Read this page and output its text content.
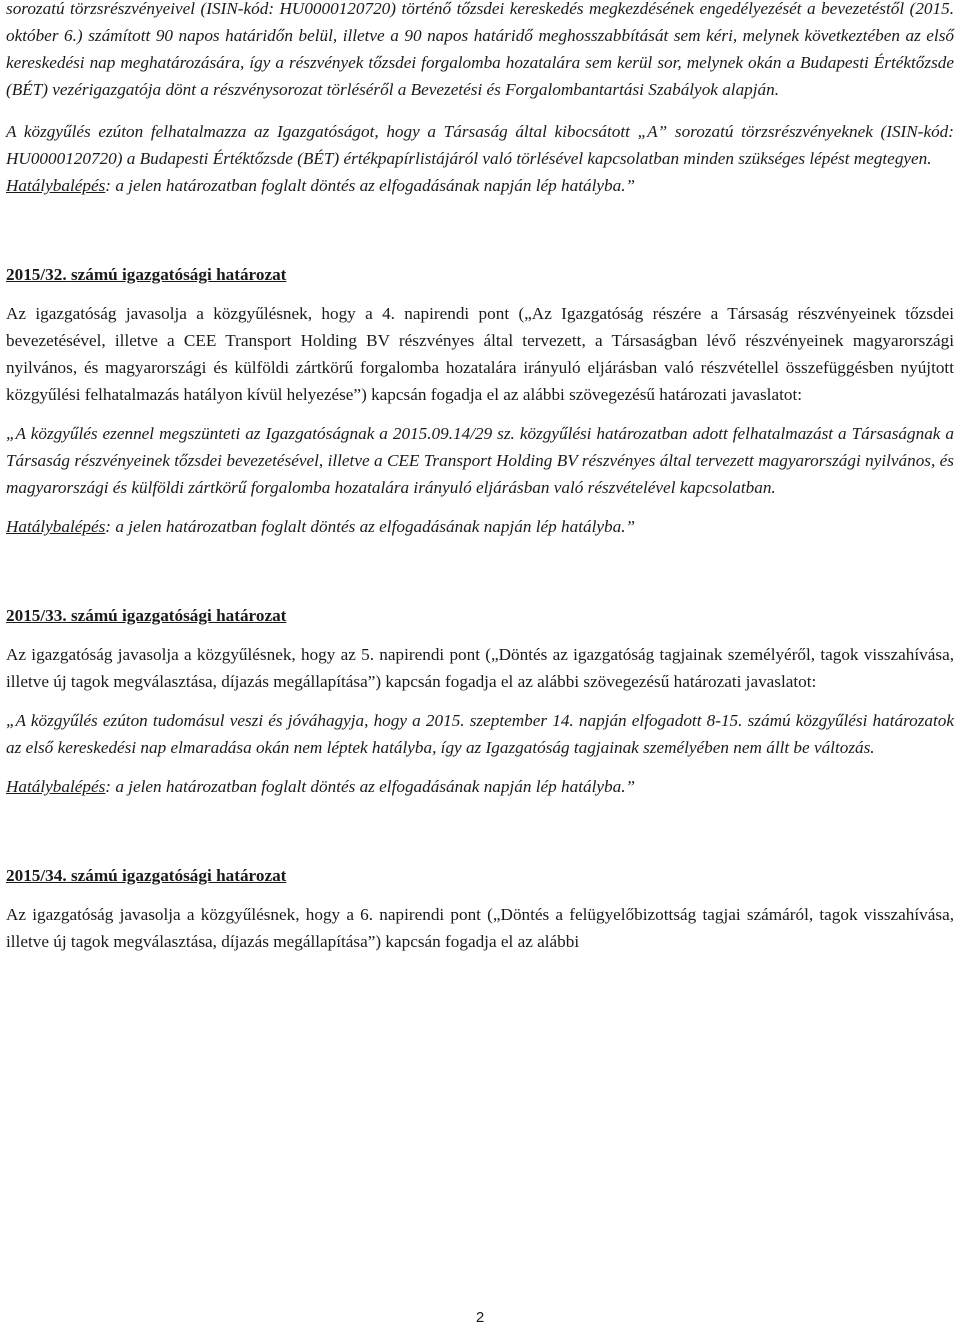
sorozatú törzsrészvényeivel (ISIN-kód: HU0000120720) történő tőzsdei kereskedés megkezdésének engedélyezését a bevezetéstől (2015. október 6.) számított 90 napos határidőn belül, illetve a 90 napos határidő meghosszabbítását sem kéri, melynek következtében az első kereskedési nap meghatározására, így a részvények tőzsdei forgalomba hozatalára sem kerül sor, melynek okán a Budapesti Értéktőzsde (BÉT) vezérigazgatója dönt a részvénysorozat törléséről a Bevezetési és Forgalombantartási Szabályok alapján.

A közgyűlés ezúton felhatalmazza az Igazgatóságot, hogy a Társaság által kibocsátott „A” sorozatú törzsrészvényeknek (ISIN-kód: HU0000120720) a Budapesti Értéktőzsde (BÉT) értékpapírlistájáról való törlésével kapcsolatban minden szükséges lépést megtegyen.

Hatálybalépés: a jelen határozatban foglalt döntés az elfogadásának napján lép hatályba.”

2015/32. számú igazgatósági határozat

Az igazgatóság javasolja a közgyűlésnek, hogy a 4. napirendi pont („Az Igazgatóság részére a Társaság részvényeinek tőzsdei bevezetésével, illetve a CEE Transport Holding BV részvényes által tervezett, a Társaságban lévő részvényeinek magyarországi nyilvános, és magyarországi és külföldi zártkörű forgalomba hozatalára irányuló eljárásban való részvétellel összefüggésben nyújtott közgyűlési felhatalmazás hatályon kívül helyezése”) kapcsán fogadja el az alábbi szövegezésű határozati javaslatot:

„A közgyűlés ezennel megszünteti az Igazgatóságnak a 2015.09.14/29 sz. közgyűlési határozatban adott felhatalmazást a Társaságnak a Társaság részvényeinek tőzsdei bevezetésével, illetve a CEE Transport Holding BV részvényes által tervezett magyarországi nyilvános, és magyarországi és külföldi zártkörű forgalomba hozatalára irányuló eljárásban való részvételével kapcsolatban.

Hatálybalépés: a jelen határozatban foglalt döntés az elfogadásának napján lép hatályba.”

2015/33. számú igazgatósági határozat

Az igazgatóság javasolja a közgyűlésnek, hogy az 5. napirendi pont („Döntés az igazgatóság tagjainak személyéről, tagok visszahívása, illetve új tagok megválasztása, díjazás megállapítása”) kapcsán fogadja el az alábbi szövegezésű határozati javaslatot:

„A közgyűlés ezúton tudomásul veszi és jóváhagyja, hogy a 2015. szeptember 14. napján elfogadott 8-15. számú közgyűlési határozatok az első kereskedési nap elmaradása okán nem léptek hatályba, így az Igazgatóság tagjainak személyében nem állt be változás.

Hatálybalépés: a jelen határozatban foglalt döntés az elfogadásának napján lép hatályba.”

2015/34. számú igazgatósági határozat

Az igazgatóság javasolja a közgyűlésnek, hogy a 6. napirendi pont („Döntés a felügyelőbizottság tagjai számáról, tagok visszahívása, illetve új tagok megválasztása, díjazás megállapítása”) kapcsán fogadja el az alábbi

2
